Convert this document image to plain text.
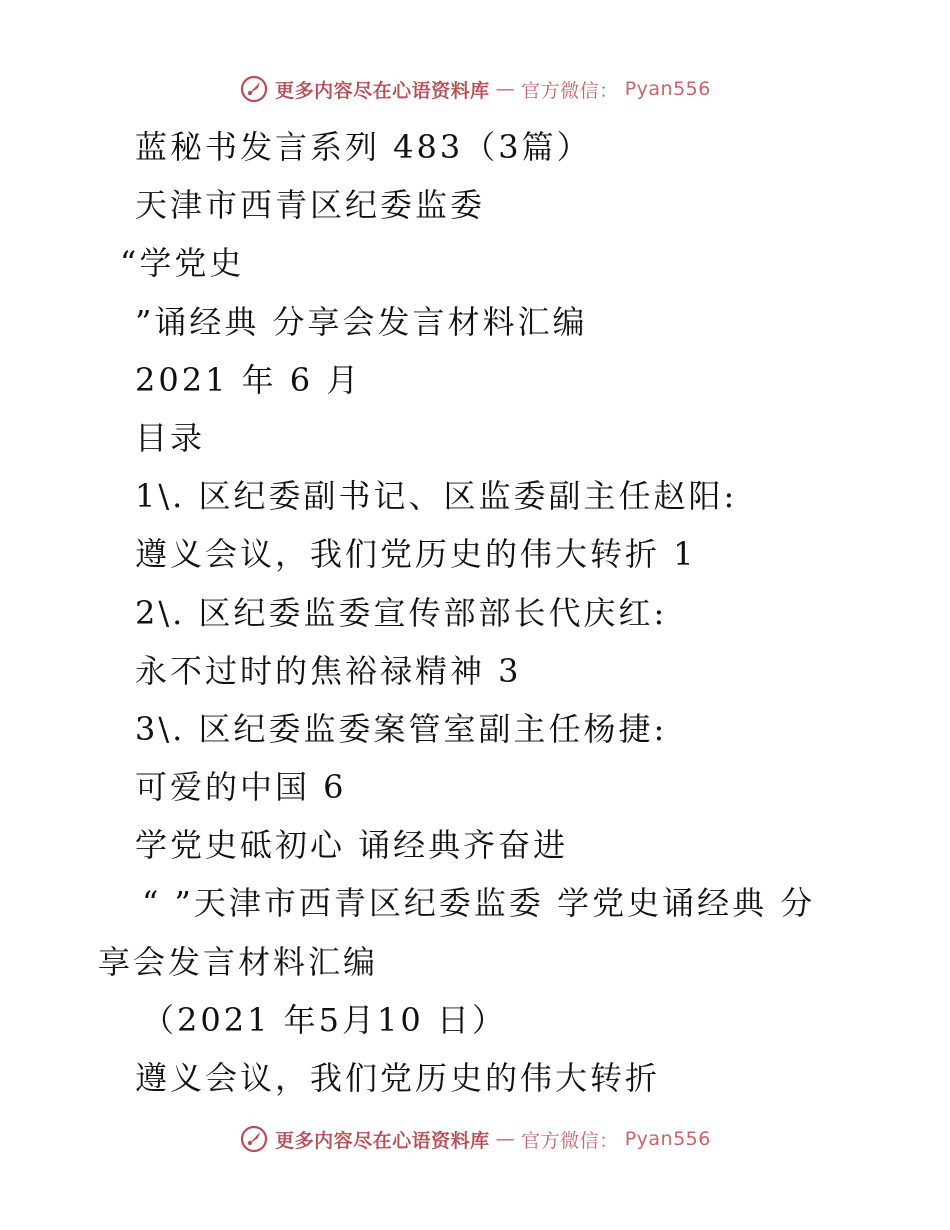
更多内容尽在心语资料库 — 官方微信： Pyan556
蓝秘书发言系列 483（3篇）
天津市西青区纪委监委
“学党史
”诵经典 分享会发言材料汇编
2021 年 6 月
目录
1\. 区纪委副书记、区监委副主任赵阳:
遵义会议，我们党历史的伟大转折 1
2\. 区纪委监委宣传部部长代庆红:
永不过时的焦裕禄精神 3
3\. 区纪委监委案管室副主任杨捷:
可爱的中国 6
学党史砥初心 诵经典齐奋进
“ ”天津市西青区纪委监委 学党史诵经典 分
享会发言材料汇编
（2021 年5月10 日）
遵义会议，我们党历史的伟大转折
更多内容尽在心语资料库 — 官方微信： Pyan556
